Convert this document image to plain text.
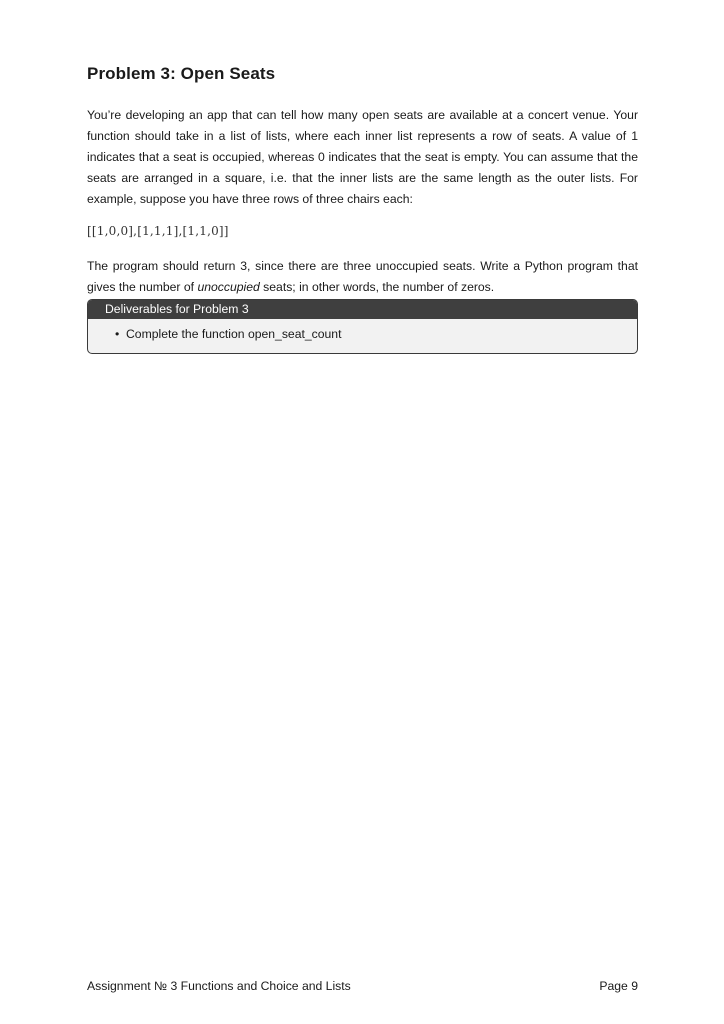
Problem 3: Open Seats

You’re developing an app that can tell how many open seats are available at a concert venue. Your function should take in a list of lists, where each inner list represents a row of seats. A value of 1 indicates that a seat is occupied, whereas 0 indicates that the seat is empty. You can assume that the seats are arranged in a square, i.e. that the inner lists are the same length as the outer lists. For example, suppose you have three rows of three chairs each:

[[1,0,0],[1,1,1],[1,1,0]]

The program should return 3, since there are three unoccupied seats. Write a Python program that gives the number of unoccupied seats; in other words, the number of zeros.

Deliverables for Problem 3
• Complete the function open_seat_count
Assignment № 3 Functions and Choice and Lists	Page 9
